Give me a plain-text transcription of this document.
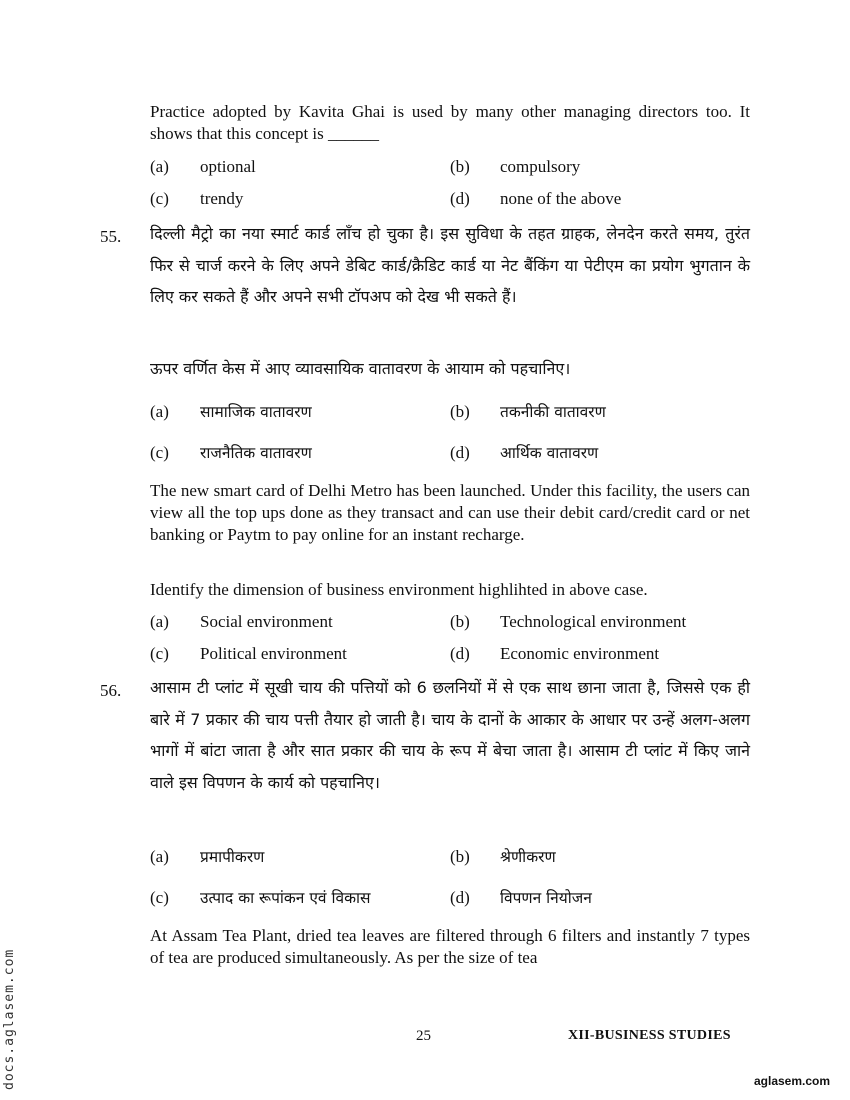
Practice adopted by Kavita Ghai is used by many other managing directors too. It shows that this concept is ______
(a) optional	(b) compulsory
(c) trendy	(d) none of the above
55. दिल्ली मैट्रो का नया स्मार्ट कार्ड लाँच हो चुका है। इस सुविधा के तहत ग्राहक, लेनदेन करते समय, तुरंत फिर से चार्ज करने के लिए अपने डेबिट कार्ड/क्रैडिट कार्ड या नेट बैंकिंग या पेटीएम का प्रयोग भुगतान के लिए कर सकते हैं और अपने सभी टॉपअप को देख भी सकते हैं।
ऊपर वर्णित केस में आए व्यावसायिक वातावरण के आयाम को पहचानिए।
(a) सामाजिक वातावरण	(b) तकनीकी वातावरण
(c) राजनैतिक वातावरण	(d) आर्थिक वातावरण
The new smart card of Delhi Metro has been launched. Under this facility, the users can view all the top ups done as they transact and can use their debit card/credit card or net banking or Paytm to pay online for an instant recharge.
Identify the dimension of business environment highlihted in above case.
(a) Social environment	(b) Technological environment
(c) Political environment	(d) Economic environment
56. आसाम टी प्लांट में सूखी चाय की पत्तियों को 6 छलनियों में से एक साथ छाना जाता है, जिससे एक ही बारे में 7 प्रकार की चाय पत्ती तैयार हो जाती है। चाय के दानों के आकार के आधार पर उन्हें अलग-अलग भागों में बांटा जाता है और सात प्रकार की चाय के रूप में बेचा जाता है। आसाम टी प्लांट में किए जाने वाले इस विपणन के कार्य को पहचानिए।
(a) प्रमापीकरण	(b) श्रेणीकरण
(c) उत्पाद का रूपांकन एवं विकास	(d) विपणन नियोजन
At Assam Tea Plant, dried tea leaves are filtered through 6 filters and instantly 7 types of tea are produced simultaneously. As per the size of tea
25	XII-BUSINESS STUDIES
docs.aglasem.com	aglasem.com
